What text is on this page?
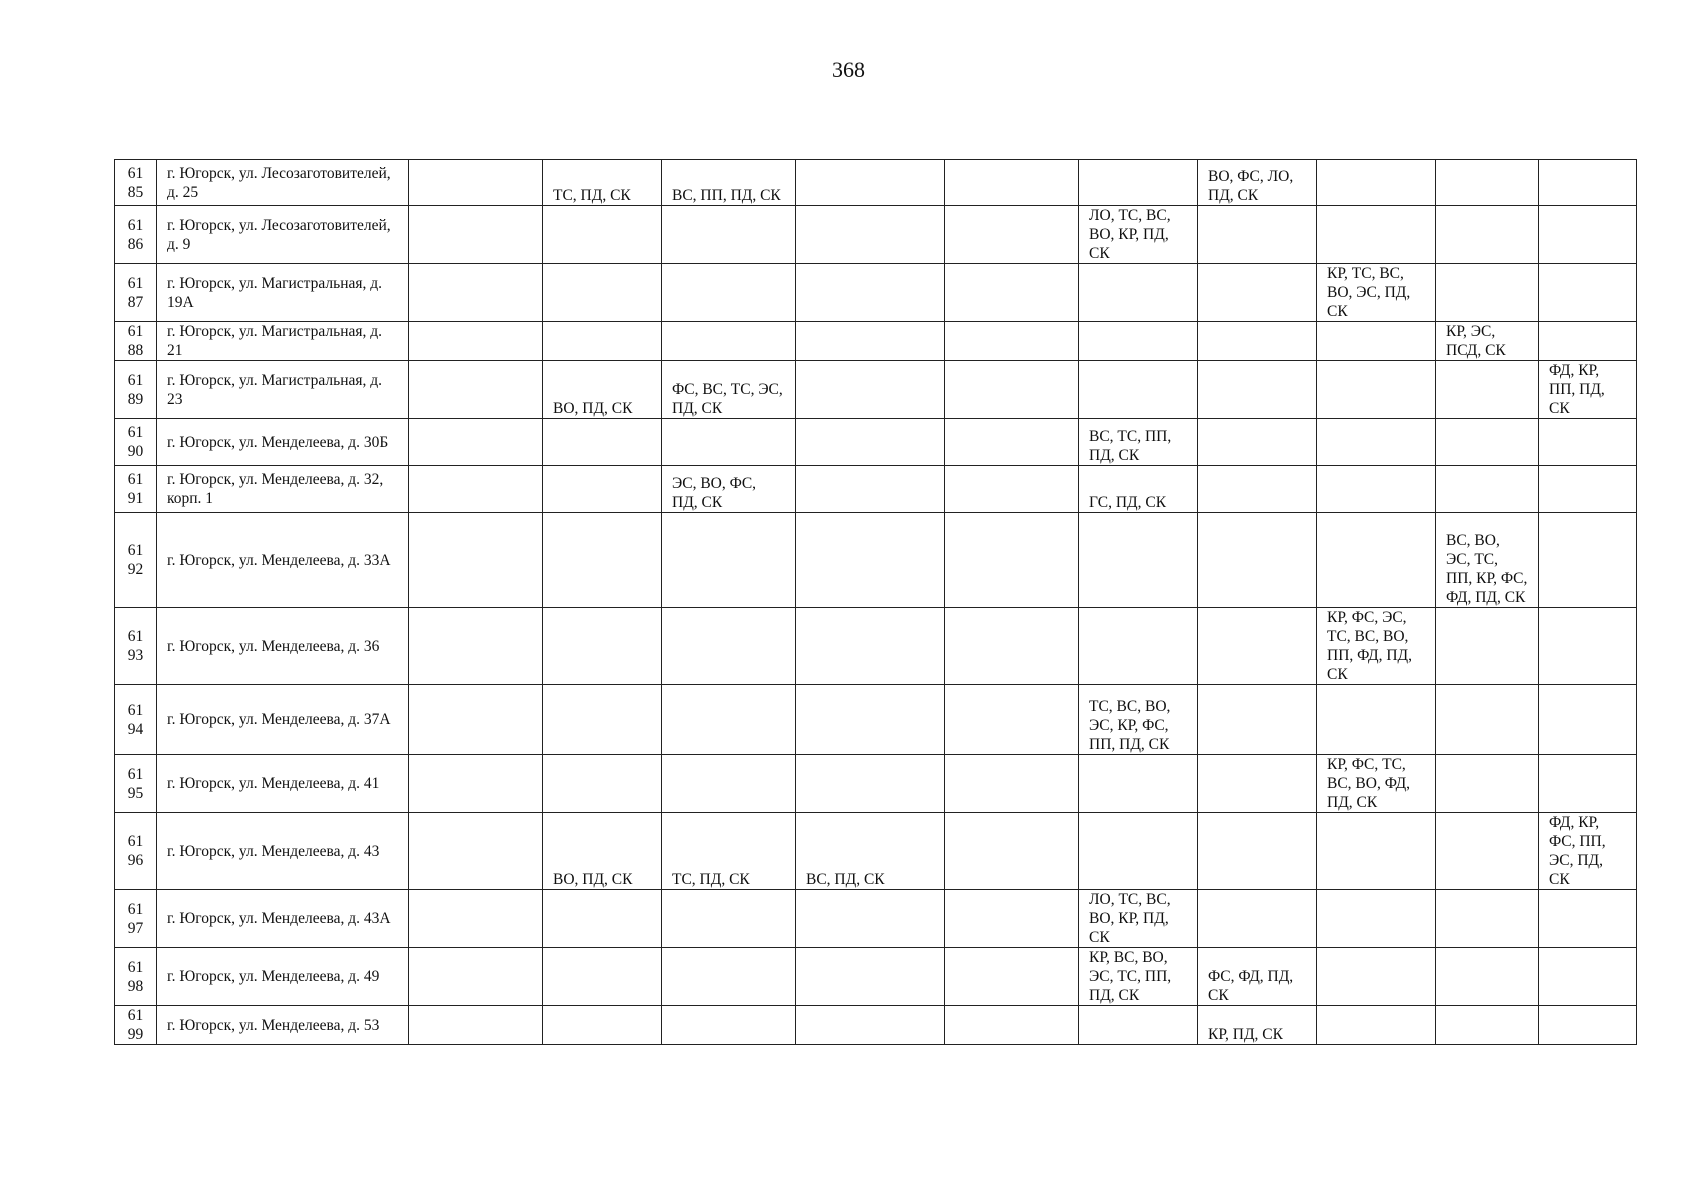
368
61
85	г. Югорск, ул. Лесозаготовителей, д. 25		ТС, ПД, СК	ВС, ПП, ПД, СК				ВО, ФС, ЛО, ПД, СК			

61
86	г. Югорск, ул. Лесозаготовителей, д. 9						ЛО, ТС, ВС, ВО, КР, ПД, СК				

61
87	г. Югорск, ул. Магистральная, д. 19А								КР, ТС, ВС, ВО, ЭС, ПД, СК		

61
88	г. Югорск, ул. Магистральная, д. 21									КР, ЭС, ПСД, СК	

61
89	г. Югорск, ул. Магистральная, д. 23		ВО, ПД, СК	ФС, ВС, ТС, ЭС, ПД, СК							ФД, КР, ПП, ПД, СК

61
90	г. Югорск, ул. Менделеева, д. 30Б						ВС, ТС, ПП, ПД, СК				

61
91	г. Югорск, ул. Менделеева, д. 32, корп. 1			ЭС, ВО, ФС, ПД, СК			ГС, ПД, СК				

61
92	г. Югорск, ул. Менделеева, д. 33А									ВС, ВО, ЭС, ТС, ПП, КР, ФС, ФД, ПД, СК	

61
93	г. Югорск, ул. Менделеева, д. 36								КР, ФС, ЭС, ТС, ВС, ВО, ПП, ФД, ПД, СК		

61
94	г. Югорск, ул. Менделеева, д. 37А						ТС, ВС, ВО, ЭС, КР, ФС, ПП, ПД, СК				

61
95	г. Югорск, ул. Менделеева, д. 41								КР, ФС, ТС, ВС, ВО, ФД, ПД, СК		

61
96	г. Югорск, ул. Менделеева, д. 43		ВО, ПД, СК	ТС, ПД, СК	ВС, ПД, СК						ФД, КР, ФС, ПП, ЭС, ПД, СК

61
97	г. Югорск, ул. Менделеева, д. 43А						ЛО, ТС, ВС, ВО, КР, ПД, СК				

61
98	г. Югорск, ул. Менделеева, д. 49						КР, ВС, ВО, ЭС, ТС, ПП, ПД, СК	ФС, ФД, ПД, СК			

61
99	г. Югорск, ул. Менделеева, д. 53							КР, ПД, СК			
